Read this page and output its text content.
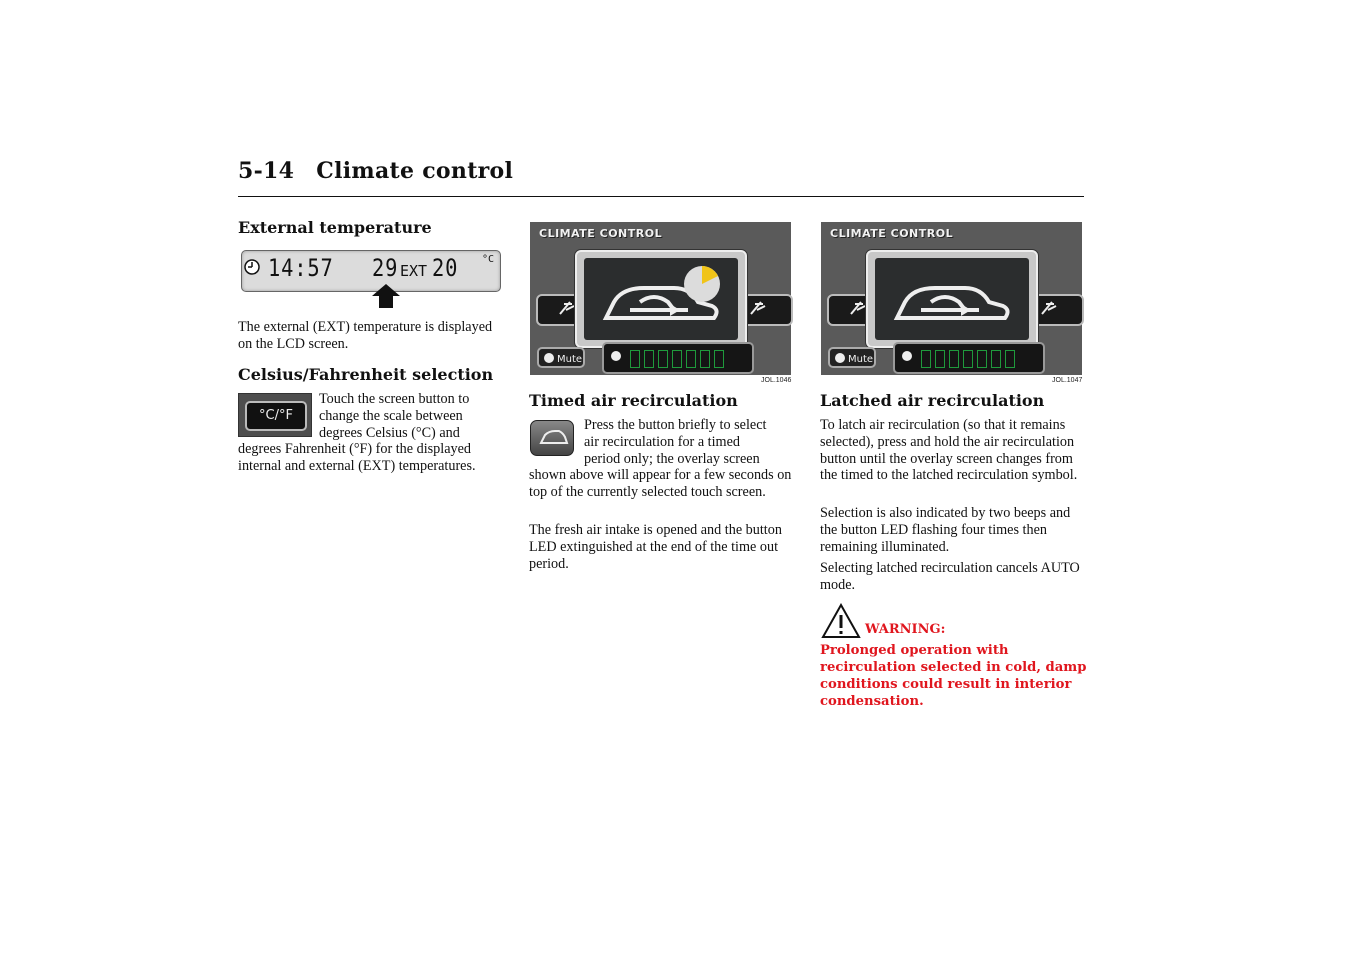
5-14 Climate control
External temperature
14:57 29 EXT 20 °C

The external (EXT) temperature is displayed on the LCD screen.

Celsius/Fahrenheit selection
°C/°F
Touch the screen button to
change the scale between
degrees Celsius (°C) and
degrees Fahrenheit (°F) for the displayed
internal and external (EXT) temperatures.
CLIMATE CONTROL
Mute
JOL.1046
Timed air recirculation
Press the button briefly to select
air recirculation for a timed
period only; the overlay screen

shown above will appear for a few seconds on top of the currently selected touch screen.

The fresh air intake is opened and the button LED extinguished at the end of the time out period.

CLIMATE CONTROL
Mute
JOL.1047
Latched air recirculation

To latch air recirculation (so that it remains selected), press and hold the air recirculation button until the overlay screen changes from the timed to the latched recirculation symbol.

Selection is also indicated by two beeps and the button LED flashing four times then remaining illuminated.

Selecting latched recirculation cancels AUTO mode.

WARNING:

Prolonged operation with

recirculation selected in cold, damp

conditions could result in interior

condensation.
